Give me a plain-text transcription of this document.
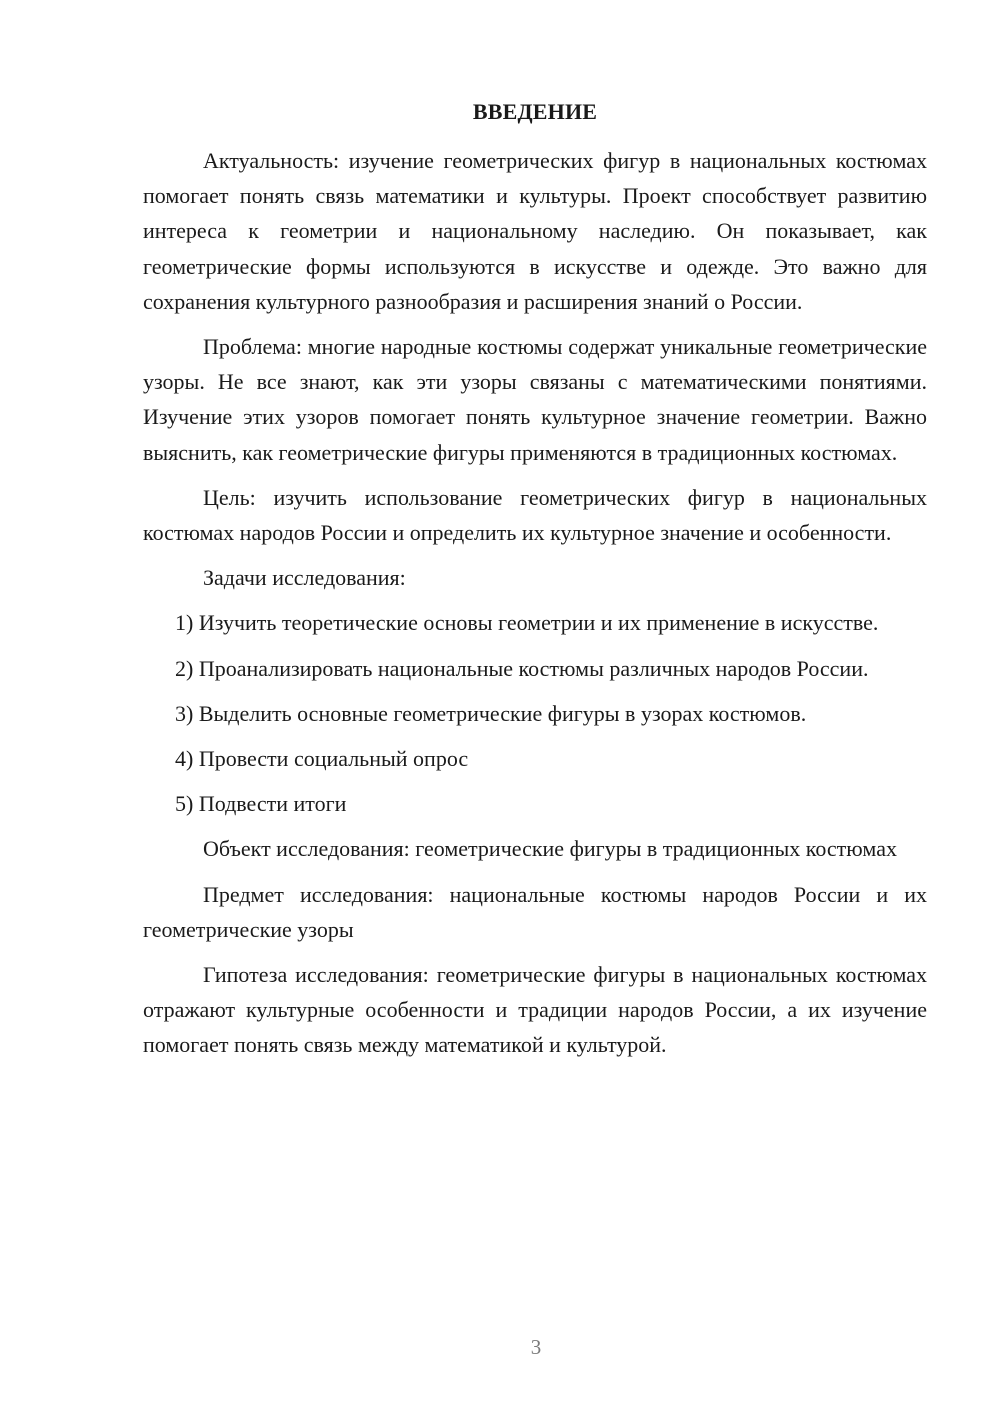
ВВЕДЕНИЕ

Актуальность: изучение геометрических фигур в национальных костюмах помогает понять связь математики и культуры. Проект способствует развитию интереса к геометрии и национальному наследию. Он показывает, как геометрические формы используются в искусстве и одежде. Это важно для сохранения культурного разнообразия и расширения знаний о России.

Проблема: многие народные костюмы содержат уникальные геометрические узоры. Не все знают, как эти узоры связаны с математическими понятиями. Изучение этих узоров помогает понять культурное значение геометрии. Важно выяснить, как геометрические фигуры применяются в традиционных костюмах.

Цель: изучить использование геометрических фигур в национальных костюмах народов России и определить их культурное значение и особенности.

Задачи исследования:

1) Изучить теоретические основы геометрии и их применение в искусстве.

2) Проанализировать национальные костюмы различных народов России.

3) Выделить основные геометрические фигуры в узорах костюмов.

4) Провести социальный опрос

5) Подвести итоги

Объект исследования: геометрические фигуры в традиционных костюмах

Предмет исследования: национальные костюмы народов России и их геометрические узоры

Гипотеза исследования: геометрические фигуры в национальных костюмах отражают культурные особенности и традиции народов России, а их изучение помогает понять связь между математикой и культурой.

3
